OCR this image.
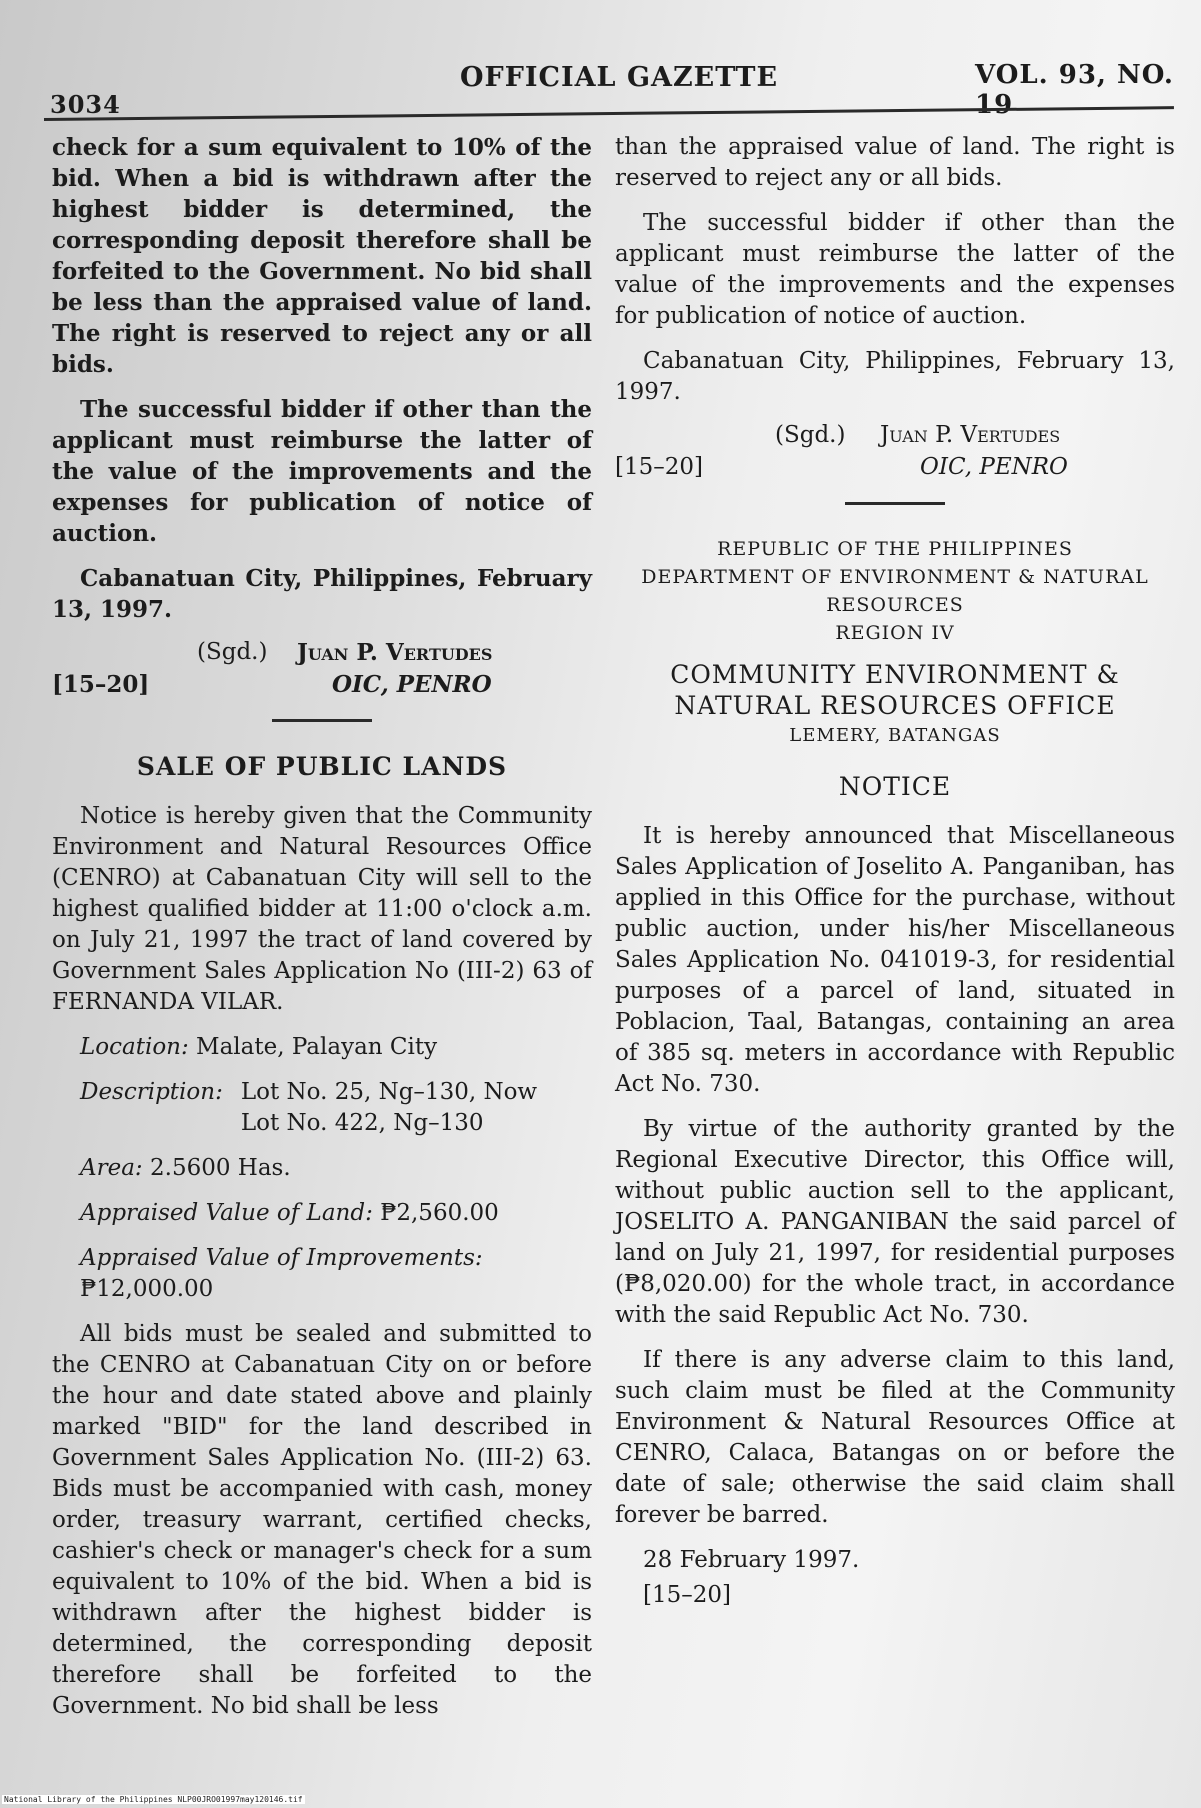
3034
OFFICIAL GAZETTE	VOL. 93, NO. 19

check for a sum equivalent to 10% of the bid. When a bid is withdrawn after the highest bidder is determined, the corresponding deposit therefore shall be forfeited to the Government. No bid shall be less than the appraised value of land. The right is reserved to reject any or all bids.

The successful bidder if other than the applicant must reimburse the latter of the value of the improvements and the expenses for publication of notice of auction.

Cabanatuan City, Philippines, February 13, 1997.

(Sgd.) Juan P. Vertudes
[15–20]	OIC, PENRO
SALE OF PUBLIC LANDS

Notice is hereby given that the Community Environment and Natural Resources Office (CENRO) at Cabanatuan City will sell to the highest qualified bidder at 11:00 o'clock a.m. on July 21, 1997 the tract of land covered by Government Sales Application No (III-2) 63 of FERNANDA VILAR.

Location: Malate, Palayan City
Description: Lot No. 25, Ng–130, Now
Lot No. 422, Ng–130
Area: 2.5600 Has.
Appraised Value of Land: ₱2,560.00
Appraised Value of Improvements:
₱12,000.00

All bids must be sealed and submitted to the CENRO at Cabanatuan City on or before the hour and date stated above and plainly marked "BID" for the land described in Government Sales Application No. (III-2) 63. Bids must be accompanied with cash, money order, treasury warrant, certified checks, cashier's check or manager's check for a sum equivalent to 10% of the bid. When a bid is withdrawn after the highest bidder is determined, the corresponding deposit therefore shall be forfeited to the Government. No bid shall be less

than the appraised value of land. The right is reserved to reject any or all bids.

The successful bidder if other than the applicant must reimburse the latter of the value of the improvements and the expenses for publication of notice of auction.

Cabanatuan City, Philippines, February 13, 1997.

(Sgd.) Juan P. Vertudes
[15–20]	OIC, PENRO
REPUBLIC OF THE PHILIPPINES
DEPARTMENT OF ENVIRONMENT & NATURAL
RESOURCES
REGION IV
COMMUNITY ENVIRONMENT &
NATURAL RESOURCES OFFICE
LEMERY, BATANGAS
NOTICE

It is hereby announced that Miscellaneous Sales Application of Joselito A. Panganiban, has applied in this Office for the purchase, without public auction, under his/her Miscellaneous Sales Application No. 041019-3, for residential purposes of a parcel of land, situated in Poblacion, Taal, Batangas, containing an area of 385 sq. meters in accordance with Republic Act No. 730.

By virtue of the authority granted by the Regional Executive Director, this Office will, without public auction sell to the applicant, JOSELITO A. PANGANIBAN the said parcel of land on July 21, 1997, for residential purposes (₱8,020.00) for the whole tract, in accordance with the said Republic Act No. 730.

If there is any adverse claim to this land, such claim must be filed at the Community Environment & Natural Resources Office at CENRO, Calaca, Batangas on or before the date of sale; otherwise the said claim shall forever be barred.

28 February 1997.

[15–20]

National Library of the Philippines NLP00JRO01997may120146.tif
